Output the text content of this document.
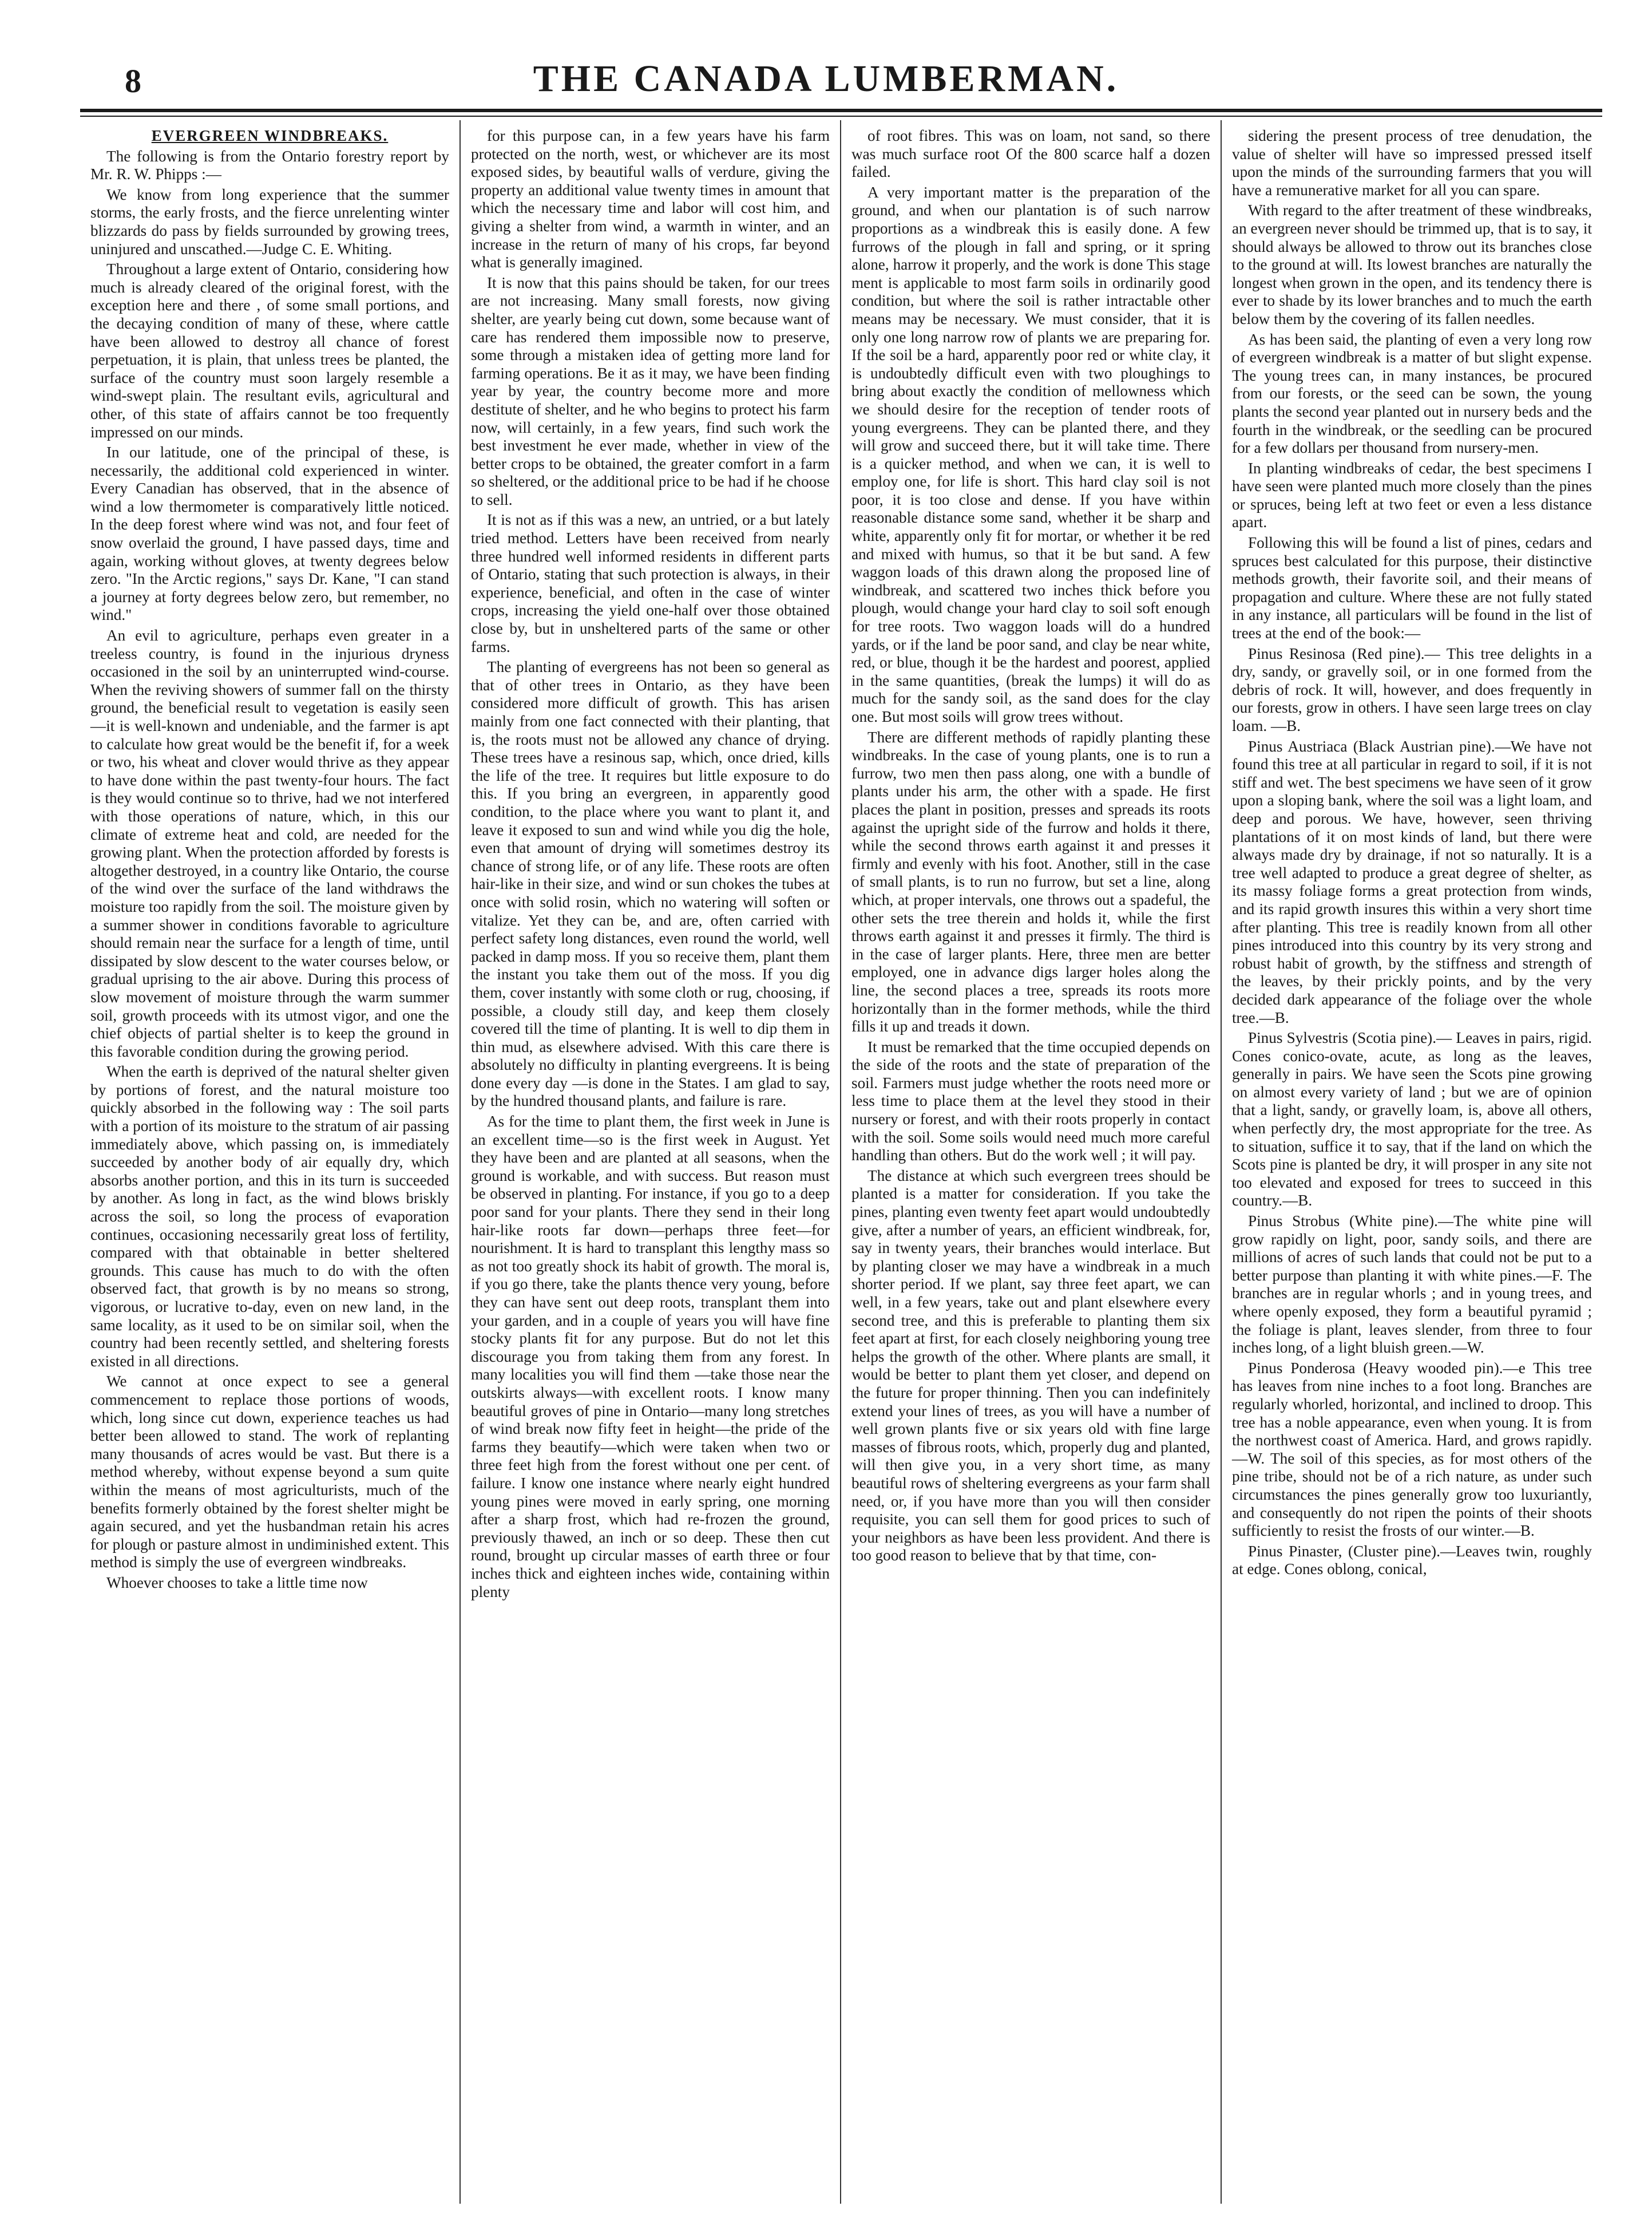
8	THE CANADA LUMBERMAN.
EVERGREEN WINDBREAKS.

The following is from the Ontario forestry report by Mr. R. W. Phipps :—

We know from long experience that the summer storms, the early frosts, and the fierce unrelenting winter blizzards do pass by fields surrounded by growing trees, uninjured and unscathed.—Judge C. E. Whiting.

Throughout a large extent of Ontario, considering how much is already cleared of the original forest, with the exception here and there , of some small portions, and the decaying condition of many of these, where cattle have been allowed to destroy all chance of forest perpetuation, it is plain, that unless trees be planted, the surface of the country must soon largely resemble a wind-swept plain. The resultant evils, agricultural and other, of this state of affairs cannot be too frequently impressed on our minds.

In our latitude, one of the principal of these, is necessarily, the additional cold experienced in winter. Every Canadian has observed, that in the absence of wind a low thermometer is comparatively little noticed. In the deep forest where wind was not, and four feet of snow overlaid the ground, I have passed days, time and again, working without gloves, at twenty degrees below zero. "In the Arctic regions," says Dr. Kane, "I can stand a journey at forty degrees below zero, but remember, no wind."

An evil to agriculture, perhaps even greater in a treeless country, is found in the injurious dryness occasioned in the soil by an uninterrupted wind-course. When the reviving showers of summer fall on the thirsty ground, the beneficial result to vegetation is easily seen —it is well-known and undeniable, and the farmer is apt to calculate how great would be the benefit if, for a week or two, his wheat and clover would thrive as they appear to have done within the past twenty-four hours. The fact is they would continue so to thrive, had we not interfered with those operations of nature, which, in this our climate of extreme heat and cold, are needed for the growing plant. When the protection afforded by forests is altogether destroyed, in a country like Ontario, the course of the wind over the surface of the land withdraws the moisture too rapidly from the soil. The moisture given by a summer shower in conditions favorable to agriculture should remain near the surface for a length of time, until dissipated by slow descent to the water courses below, or gradual uprising to the air above. During this process of slow movement of moisture through the warm summer soil, growth proceeds with its utmost vigor, and one the chief objects of partial shelter is to keep the ground in this favorable condition during the growing period.

When the earth is deprived of the natural shelter given by portions of forest, and the natural moisture too quickly absorbed in the following way : The soil parts with a portion of its moisture to the stratum of air passing immediately above, which passing on, is immediately succeeded by another body of air equally dry, which absorbs another portion, and this in its turn is succeeded by another. As long in fact, as the wind blows briskly across the soil, so long the process of evaporation continues, occasioning necessarily great loss of fertility, compared with that obtainable in better sheltered grounds. This cause has much to do with the often observed fact, that growth is by no means so strong, vigorous, or lucrative to-day, even on new land, in the same locality, as it used to be on similar soil, when the country had been recently settled, and sheltering forests existed in all directions.

We cannot at once expect to see a general commencement to replace those portions of woods, which, long since cut down, experience teaches us had better been allowed to stand. The work of replanting many thousands of acres would be vast. But there is a method whereby, without expense beyond a sum quite within the means of most agriculturists, much of the benefits formerly obtained by the forest shelter might be again secured, and yet the husbandman retain his acres for plough or pasture almost in undiminished extent. This method is simply the use of evergreen windbreaks.

Whoever chooses to take a little time now

for this purpose can, in a few years have his farm protected on the north, west, or whichever are its most exposed sides, by beautiful walls of verdure, giving the property an additional value twenty times in amount that which the necessary time and labor will cost him, and giving a shelter from wind, a warmth in winter, and an increase in the return of many of his crops, far beyond what is generally imagined.

It is now that this pains should be taken, for our trees are not increasing. Many small forests, now giving shelter, are yearly being cut down, some because want of care has rendered them impossible now to preserve, some through a mistaken idea of getting more land for farming operations. Be it as it may, we have been finding year by year, the country become more and more destitute of shelter, and he who begins to protect his farm now, will certainly, in a few years, find such work the best investment he ever made, whether in view of the better crops to be obtained, the greater comfort in a farm so sheltered, or the additional price to be had if he choose to sell.

It is not as if this was a new, an untried, or a but lately tried method. Letters have been received from nearly three hundred well informed residents in different parts of Ontario, stating that such protection is always, in their experience, beneficial, and often in the case of winter crops, increasing the yield one-half over those obtained close by, but in unsheltered parts of the same or other farms.

The planting of evergreens has not been so general as that of other trees in Ontario, as they have been considered more difficult of growth. This has arisen mainly from one fact connected with their planting, that is, the roots must not be allowed any chance of drying. These trees have a resinous sap, which, once dried, kills the life of the tree. It requires but little exposure to do this. If you bring an evergreen, in apparently good condition, to the place where you want to plant it, and leave it exposed to sun and wind while you dig the hole, even that amount of drying will sometimes destroy its chance of strong life, or of any life. These roots are often hair-like in their size, and wind or sun chokes the tubes at once with solid rosin, which no watering will soften or vitalize. Yet they can be, and are, often carried with perfect safety long distances, even round the world, well packed in damp moss. If you so receive them, plant them the instant you take them out of the moss. If you dig them, cover instantly with some cloth or rug, choosing, if possible, a cloudy still day, and keep them closely covered till the time of planting. It is well to dip them in thin mud, as elsewhere advised. With this care there is absolutely no difficulty in planting evergreens. It is being done every day —is done in the States. I am glad to say, by the hundred thousand plants, and failure is rare.

As for the time to plant them, the first week in June is an excellent time—so is the first week in August. Yet they have been and are planted at all seasons, when the ground is workable, and with success. But reason must be observed in planting. For instance, if you go to a deep poor sand for your plants. There they send in their long hair-like roots far down—perhaps three feet—for nourishment. It is hard to transplant this lengthy mass so as not too greatly shock its habit of growth. The moral is, if you go there, take the plants thence very young, before they can have sent out deep roots, transplant them into your garden, and in a couple of years you will have fine stocky plants fit for any purpose. But do not let this discourage you from taking them from any forest. In many localities you will find them —take those near the outskirts always—with excellent roots. I know many beautiful groves of pine in Ontario—many long stretches of wind break now fifty feet in height—the pride of the farms they beautify—which were taken when two or three feet high from the forest without one per cent. of failure. I know one instance where nearly eight hundred young pines were moved in early spring, one morning after a sharp frost, which had re-frozen the ground, previously thawed, an inch or so deep. These then cut round, brought up circular masses of earth three or four inches thick and eighteen inches wide, containing within plenty

of root fibres. This was on loam, not sand, so there was much surface root Of the 800 scarce half a dozen failed.

A very important matter is the preparation of the ground, and when our plantation is of such narrow proportions as a windbreak this is easily done. A few furrows of the plough in fall and spring, or it spring alone, harrow it properly, and the work is done This stage ment is applicable to most farm soils in ordinarily good condition, but where the soil is rather intractable other means may be necessary. We must consider, that it is only one long narrow row of plants we are preparing for. If the soil be a hard, apparently poor red or white clay, it is undoubtedly difficult even with two ploughings to bring about exactly the condition of mellowness which we should desire for the reception of tender roots of young evergreens. They can be planted there, and they will grow and succeed there, but it will take time. There is a quicker method, and when we can, it is well to employ one, for life is short. This hard clay soil is not poor, it is too close and dense. If you have within reasonable distance some sand, whether it be sharp and white, apparently only fit for mortar, or whether it be red and mixed with humus, so that it be but sand. A few waggon loads of this drawn along the proposed line of windbreak, and scattered two inches thick before you plough, would change your hard clay to soil soft enough for tree roots. Two waggon loads will do a hundred yards, or if the land be poor sand, and clay be near white, red, or blue, though it be the hardest and poorest, applied in the same quantities, (break the lumps) it will do as much for the sandy soil, as the sand does for the clay one. But most soils will grow trees without.

There are different methods of rapidly planting these windbreaks. In the case of young plants, one is to run a furrow, two men then pass along, one with a bundle of plants under his arm, the other with a spade. He first places the plant in position, presses and spreads its roots against the upright side of the furrow and holds it there, while the second throws earth against it and presses it firmly and evenly with his foot. Another, still in the case of small plants, is to run no furrow, but set a line, along which, at proper intervals, one throws out a spadeful, the other sets the tree therein and holds it, while the first throws earth against it and presses it firmly. The third is in the case of larger plants. Here, three men are better employed, one in advance digs larger holes along the line, the second places a tree, spreads its roots more horizontally than in the former methods, while the third fills it up and treads it down.

It must be remarked that the time occupied depends on the side of the roots and the state of preparation of the soil. Farmers must judge whether the roots need more or less time to place them at the level they stood in their nursery or forest, and with their roots properly in contact with the soil. Some soils would need much more careful handling than others. But do the work well ; it will pay.

The distance at which such evergreen trees should be planted is a matter for consideration. If you take the pines, planting even twenty feet apart would undoubtedly give, after a number of years, an efficient windbreak, for, say in twenty years, their branches would interlace. But by planting closer we may have a windbreak in a much shorter period. If we plant, say three feet apart, we can well, in a few years, take out and plant elsewhere every second tree, and this is preferable to planting them six feet apart at first, for each closely neighboring young tree helps the growth of the other. Where plants are small, it would be better to plant them yet closer, and depend on the future for proper thinning. Then you can indefinitely extend your lines of trees, as you will have a number of well grown plants five or six years old with fine large masses of fibrous roots, which, properly dug and planted, will then give you, in a very short time, as many beautiful rows of sheltering evergreens as your farm shall need, or, if you have more than you will then consider requisite, you can sell them for good prices to such of your neighbors as have been less provident. And there is too good reason to believe that by that time, con-

sidering the present process of tree denudation, the value of shelter will have so impressed pressed itself upon the minds of the surrounding farmers that you will have a remunerative market for all you can spare.

With regard to the after treatment of these windbreaks, an evergreen never should be trimmed up, that is to say, it should always be allowed to throw out its branches close to the ground at will. Its lowest branches are naturally the longest when grown in the open, and its tendency there is ever to shade by its lower branches and to much the earth below them by the covering of its fallen needles.

As has been said, the planting of even a very long row of evergreen windbreak is a matter of but slight expense. The young trees can, in many instances, be procured from our forests, or the seed can be sown, the young plants the second year planted out in nursery beds and the fourth in the windbreak, or the seedling can be procured for a few dollars per thousand from nursery-men.

In planting windbreaks of cedar, the best specimens I have seen were planted much more closely than the pines or spruces, being left at two feet or even a less distance apart.

Following this will be found a list of pines, cedars and spruces best calculated for this purpose, their distinctive methods growth, their favorite soil, and their means of propagation and culture. Where these are not fully stated in any instance, all particulars will be found in the list of trees at the end of the book:—

Pinus Resinosa (Red pine).— This tree delights in a dry, sandy, or gravelly soil, or in one formed from the debris of rock. It will, however, and does frequently in our forests, grow in others. I have seen large trees on clay loam. —B.

Pinus Austriaca (Black Austrian pine).—We have not found this tree at all particular in regard to soil, if it is not stiff and wet. The best specimens we have seen of it grow upon a sloping bank, where the soil was a light loam, and deep and porous. We have, however, seen thriving plantations of it on most kinds of land, but there were always made dry by drainage, if not so naturally. It is a tree well adapted to produce a great degree of shelter, as its massy foliage forms a great protection from winds, and its rapid growth insures this within a very short time after planting. This tree is readily known from all other pines introduced into this country by its very strong and robust habit of growth, by the stiffness and strength of the leaves, by their prickly points, and by the very decided dark appearance of the foliage over the whole tree.—B.

Pinus Sylvestris (Scotia pine).— Leaves in pairs, rigid. Cones conico-ovate, acute, as long as the leaves, generally in pairs. We have seen the Scots pine growing on almost every variety of land ; but we are of opinion that a light, sandy, or gravelly loam, is, above all others, when perfectly dry, the most appropriate for the tree. As to situation, suffice it to say, that if the land on which the Scots pine is planted be dry, it will prosper in any site not too elevated and exposed for trees to succeed in this country.—B.

Pinus Strobus (White pine).—The white pine will grow rapidly on light, poor, sandy soils, and there are millions of acres of such lands that could not be put to a better purpose than planting it with white pines.—F. The branches are in regular whorls ; and in young trees, and where openly exposed, they form a beautiful pyramid ; the foliage is plant, leaves slender, from three to four inches long, of a light bluish green.—W.

Pinus Ponderosa (Heavy wooded pin).—e This tree has leaves from nine inches to a foot long. Branches are regularly whorled, horizontal, and inclined to droop. This tree has a noble appearance, even when young. It is from the northwest coast of America. Hard, and grows rapidly.—W. The soil of this species, as for most others of the pine tribe, should not be of a rich nature, as under such circumstances the pines generally grow too luxuriantly, and consequently do not ripen the points of their shoots sufficiently to resist the frosts of our winter.—B.

Pinus Pinaster, (Cluster pine).—Leaves twin, roughly at edge. Cones oblong, conical,
